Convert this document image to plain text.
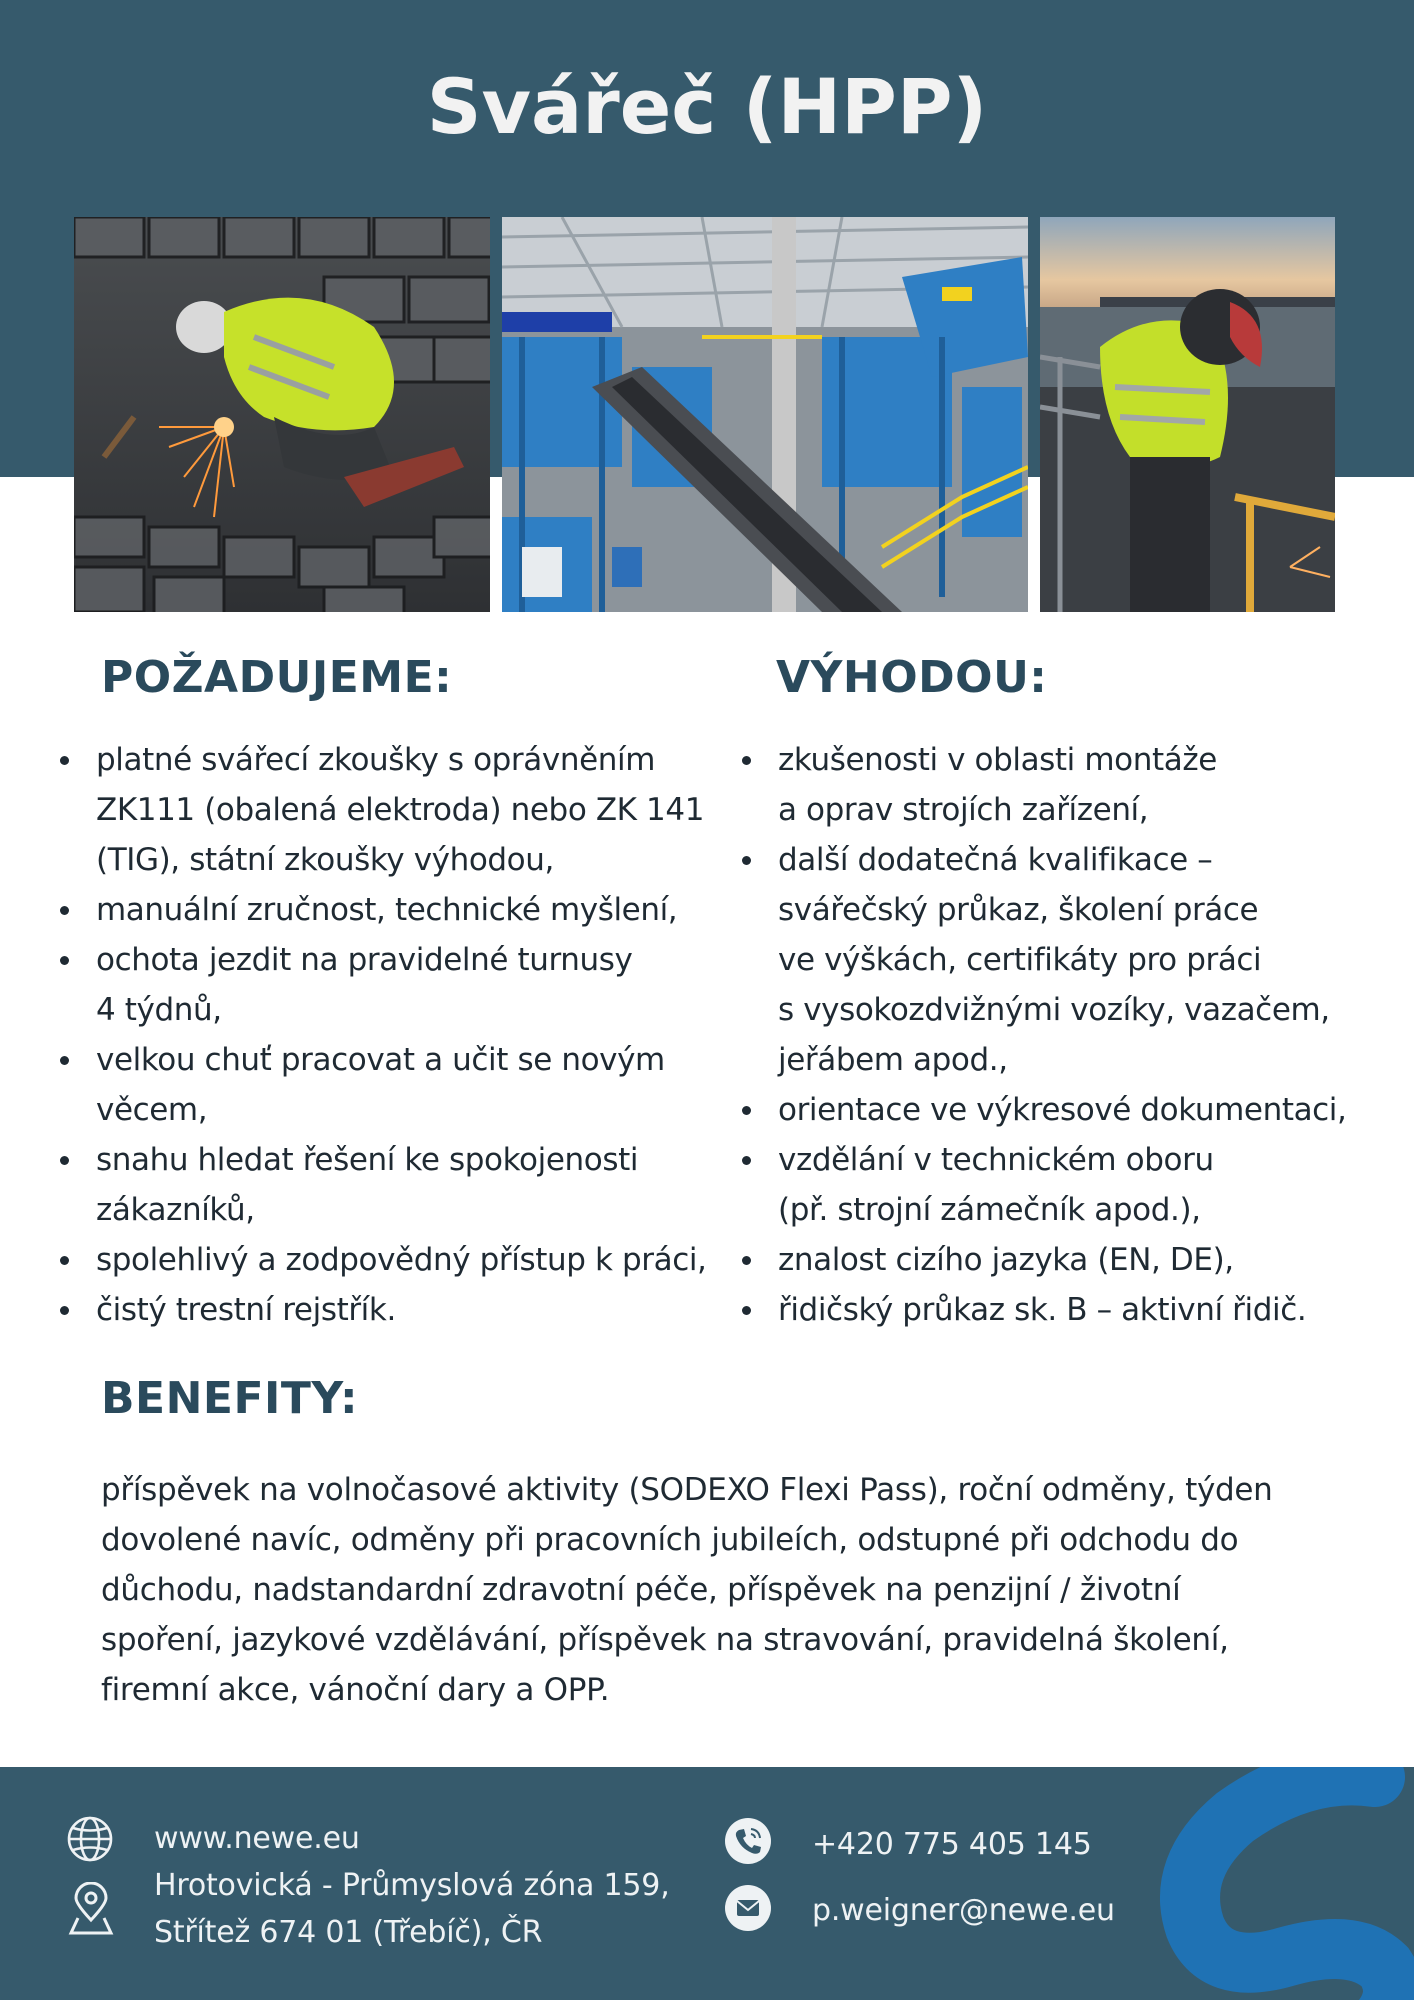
Svářeč (HPP)
POŽADUJEME:
platné svářecí zkoušky s oprávněním
ZK111 (obalená elektroda) nebo ZK 141
(TIG), státní zkoušky výhodou,
manuální zručnost, technické myšlení,
ochota jezdit na pravidelné turnusy
4 týdnů,
velkou chuť pracovat a učit se novým
věcem,
snahu hledat řešení ke spokojenosti
zákazníků,
spolehlivý a zodpovědný přístup k práci,
čistý trestní rejstřík.
VÝHODOU:
zkušenosti v oblasti montáže
a oprav strojích zařízení,
další dodatečná kvalifikace –
svářečský průkaz, školení práce
ve výškách, certifikáty pro práci
s vysokozdvižnými vozíky, vazačem,
jeřábem apod.,
orientace ve výkresové dokumentaci,
vzdělání v technickém oboru
(př. strojní zámečník apod.),
znalost cizího jazyka (EN, DE),
řidičský průkaz sk. B – aktivní řidič.
BENEFITY:

příspěvek na volnočasové aktivity (SODEXO Flexi Pass), roční odměny, týden
dovolené navíc, odměny při pracovních jubileích, odstupné při odchodu do
důchodu, nadstandardní zdravotní péče, příspěvek na penzijní / životní
spoření, jazykové vzdělávání, příspěvek na stravování, pravidelná školení,
firemní akce, vánoční dary a OPP.

www.newe.eu
Hrotovická - Průmyslová zóna 159,
Střítež 674 01 (Třebíč), ČR
+420 775 405 145
p.weigner@newe.eu
